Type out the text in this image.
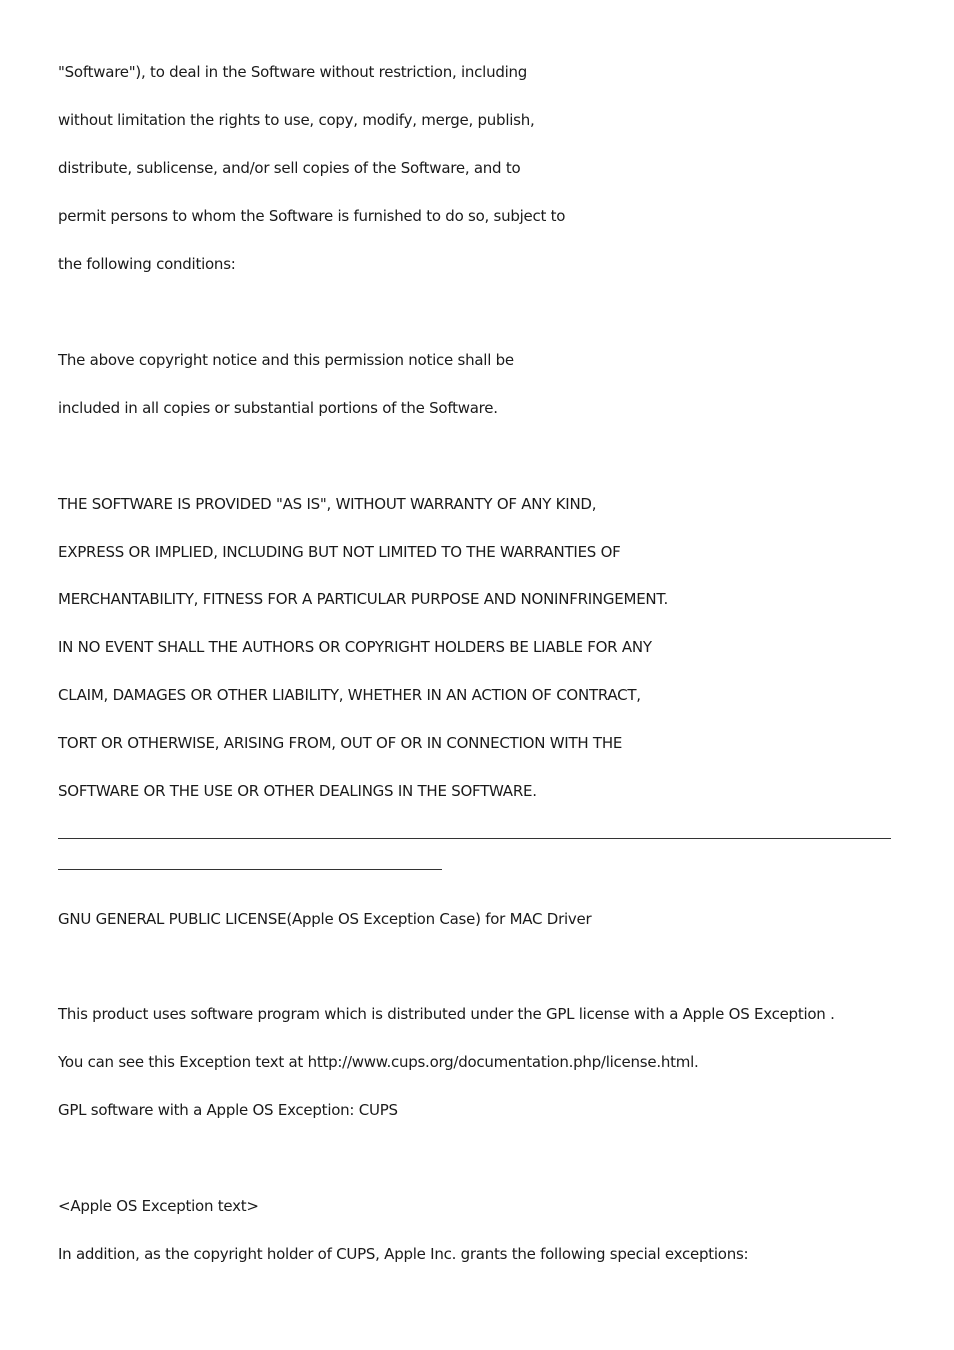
"Software"), to deal in the Software without restriction, including
without limitation the rights to use, copy, modify, merge, publish,
distribute, sublicense, and/or sell copies of the Software, and to
permit persons to whom the Software is furnished to do so, subject to
the following conditions:
The above copyright notice and this permission notice shall be
included in all copies or substantial portions of the Software.
THE SOFTWARE IS PROVIDED "AS IS", WITHOUT WARRANTY OF ANY KIND,
EXPRESS OR IMPLIED, INCLUDING BUT NOT LIMITED TO THE WARRANTIES OF
MERCHANTABILITY, FITNESS FOR A PARTICULAR PURPOSE AND NONINFRINGEMENT.
IN NO EVENT SHALL THE AUTHORS OR COPYRIGHT HOLDERS BE LIABLE FOR ANY
CLAIM, DAMAGES OR OTHER LIABILITY, WHETHER IN AN ACTION OF CONTRACT,
TORT OR OTHERWISE, ARISING FROM, OUT OF OR IN CONNECTION WITH THE
SOFTWARE OR THE USE OR OTHER DEALINGS IN THE SOFTWARE.
GNU GENERAL PUBLIC LICENSE(Apple OS Exception Case) for MAC Driver
This product uses software program which is distributed under the GPL license with a Apple OS Exception .
You can see this Exception text at http://www.cups.org/documentation.php/license.html.
GPL software with a Apple OS Exception: CUPS
<Apple OS Exception text>
In addition, as the copyright holder of CUPS, Apple Inc. grants the following special exceptions:
